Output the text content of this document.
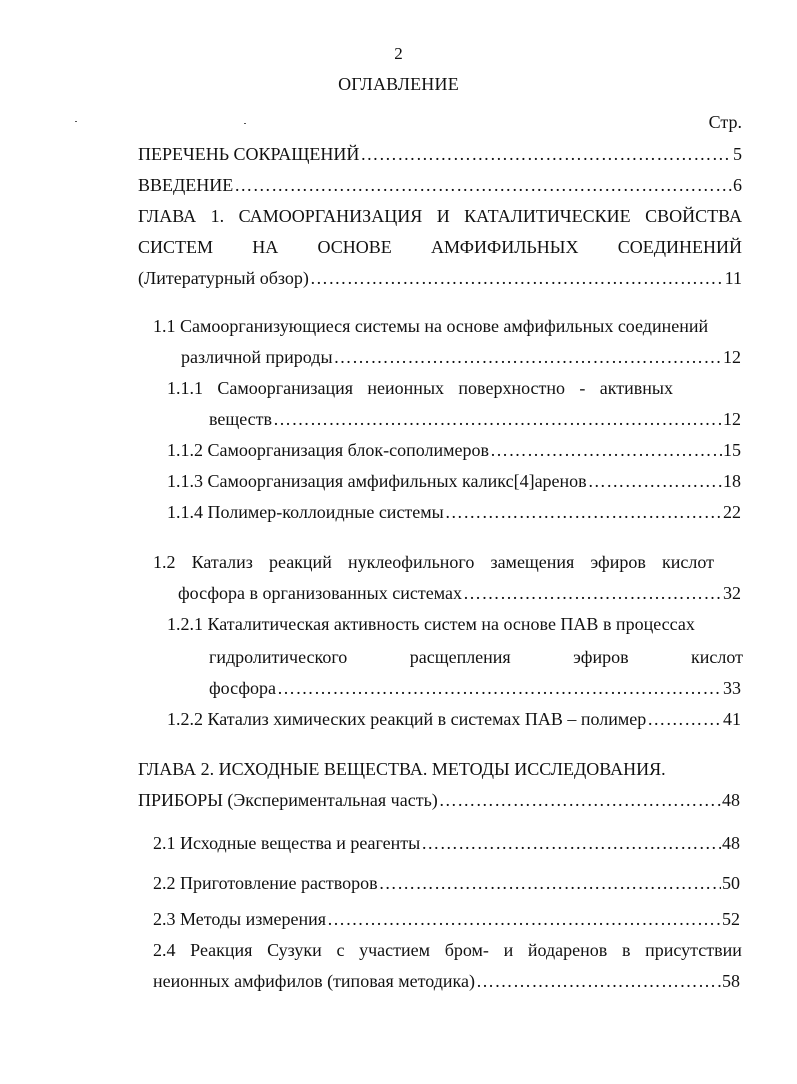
2
ОГЛАВЛЕНИЕ
Стр.
ПЕРЕЧЕНЬ СОКРАЩЕНИЙ ……………………………………………………………………………………………………………………………………………………	5
ВВЕДЕНИЕ ……………………………………………………………………………………………………………………………………………………	6
ГЛАВА 1. САМООРГАНИЗАЦИЯ И КАТАЛИТИЧЕСКИЕ СВОЙСТВА
СИСТЕМ НА ОСНОВЕ АМФИФИЛЬНЫХ СОЕДИНЕНИЙ
(Литературный обзор) ……………………………………………………………………………………………………………………………………………………	11
1.1 Самоорганизующиеся системы на основе амфифильных соединений
различной природы ……………………………………………………………………………………………………………………………………………………	12
1.1.1 Самоорганизация неионных поверхностно - активных
веществ ……………………………………………………………………………………………………………………………………………………	12
1.1.2 Самоорганизация блок-сополимеров ……………………………………………………………………………………………………………………………………………………	15
1.1.3 Самоорганизация амфифильных каликс[4]аренов ……………………………………………………………………………………………………………………………………………………	18
1.1.4 Полимер-коллоидные системы ……………………………………………………………………………………………………………………………………………………	22
1.2 Катализ реакций нуклеофильного замещения эфиров кислот
фосфора в организованных системах ……………………………………………………………………………………………………………………………………………………	32
1.2.1 Каталитическая активность систем на основе ПАВ в процессах
гидролитического	расщепления	эфиров	кислот
фосфора ……………………………………………………………………………………………………………………………………………………	33
1.2.2 Катализ химических реакций в системах ПАВ – полимер ……………………………………………………………………………………………………………………………………………………	41
ГЛАВА 2. ИСХОДНЫЕ ВЕЩЕСТВА. МЕТОДЫ ИССЛЕДОВАНИЯ.
ПРИБОРЫ (Экспериментальная часть) ……………………………………………………………………………………………………………………………………………………	48
2.1 Исходные вещества и реагенты ……………………………………………………………………………………………………………………………………………………	48
2.2 Приготовление растворов ……………………………………………………………………………………………………………………………………………………	50
2.3 Методы измерения ……………………………………………………………………………………………………………………………………………………	52
2.4 Реакция Сузуки с участием бром- и йодаренов в присутствии
неионных амфифилов (типовая методика) ……………………………………………………………………………………………………………………………………………………	58
